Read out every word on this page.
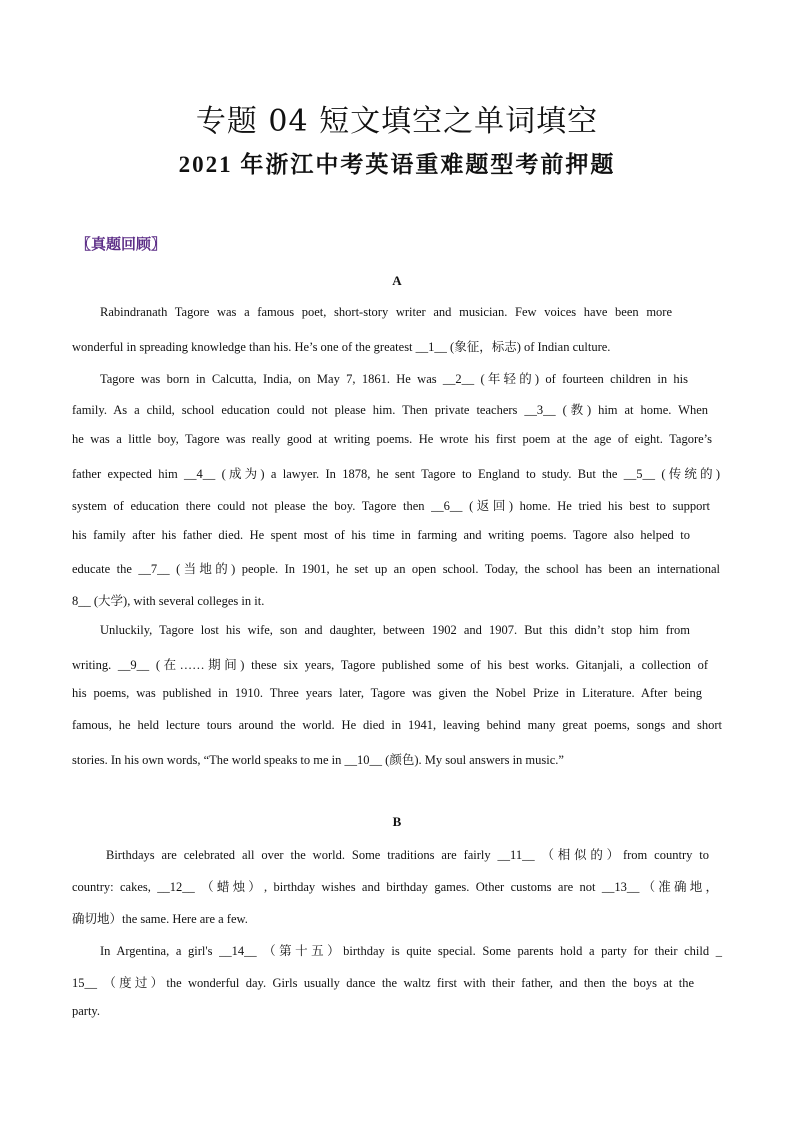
专题 04 短文填空之单词填空
2021 年浙江中考英语重难题型考前押题
〖真题回顾〗
A
Rabindranath Tagore was a famous poet, short-story writer and musician. Few voices have been more
wonderful in spreading knowledge than his. He’s one of the greatest __1__ (象征，标志) of Indian culture.
Tagore was born in Calcutta, India, on May 7, 1861. He was __2__ (年轻的) of fourteen children in his
family. As a child, school education could not please him. Then private teachers __3__ (教) him at home. When
he was a little boy, Tagore was really good at writing poems. He wrote his first poem at the age of eight. Tagore’s
father expected him __4__ (成为) a lawyer. In 1878, he sent Tagore to England to study. But the __5__ (传统的)
system of education there could not please the boy. Tagore then __6__ (返回) home. He tried his best to support
his family after his father died. He spent most of his time in farming and writing poems. Tagore also helped to
educate the __7__ (当地的) people. In 1901, he set up an open school. Today, the school has been an international
8__ (大学), with several colleges in it.
Unluckily, Tagore lost his wife, son and daughter, between 1902 and 1907. But this didn’t stop him from
writing. __9__ (在……期间) these six years, Tagore published some of his best works. Gitanjali, a collection of
his poems, was published in 1910. Three years later, Tagore was given the Nobel Prize in Literature. After being
famous, he held lecture tours around the world. He died in 1941, leaving behind many great poems, songs and short
stories. In his own words, “The world speaks to me in __10__ (颜色). My soul answers in music.”
B
Birthdays are celebrated all over the world. Some traditions are fairly __11__ （相似的）from country to
country: cakes, __12__ （蜡烛）, birthday wishes and birthday games. Other customs are not __13__（准确地，
确切地）the same. Here are a few.
In Argentina, a girl's __14__ （第十五）birthday is quite special. Some parents hold a party for their child _
15__ （度过）the wonderful day. Girls usually dance the waltz first with their father, and then the boys at the
party.
